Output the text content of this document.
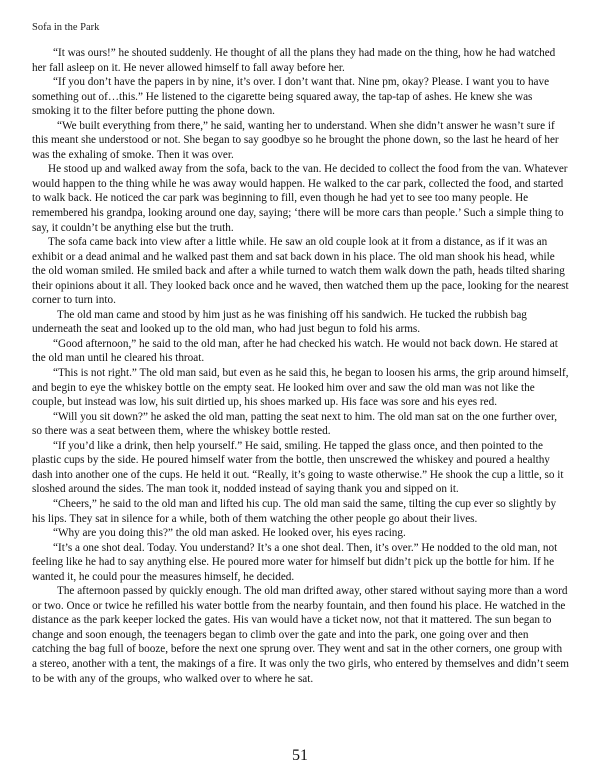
Sofa in the Park

“It was ours!” he shouted suddenly. He thought of all the plans they had made on the thing, how he had watched her fall asleep on it. He never allowed himself to fall away before her.

“If you don’t have the papers in by nine, it’s over. I don’t want that. Nine pm, okay? Please. I want you to have something out of…this.” He listened to the cigarette being squared away, the tap-tap of ashes. He knew she was smoking it to the filter before putting the phone down.

“We built everything from there,” he said, wanting her to understand. When she didn’t answer he wasn’t sure if this meant she understood or not. She began to say goodbye so he brought the phone down, so the last he heard of her was the exhaling of smoke. Then it was over.

He stood up and walked away from the sofa, back to the van. He decided to collect the food from the van. Whatever would happen to the thing while he was away would happen. He walked to the car park, collected the food, and started to walk back. He noticed the car park was beginning to fill, even though he had yet to see too many people. He remembered his grandpa, looking around one day, saying; ‘there will be more cars than people.’ Such a simple thing to say, it couldn’t be anything else but the truth.

The sofa came back into view after a little while. He saw an old couple look at it from a distance, as if it was an exhibit or a dead animal and he walked past them and sat back down in his place. The old man shook his head, while the old woman smiled. He smiled back and after a while turned to watch them walk down the path, heads tilted sharing their opinions about it all. They looked back once and he waved, then watched them up the pace, looking for the nearest corner to turn into.

The old man came and stood by him just as he was finishing off his sandwich. He tucked the rubbish bag underneath the seat and looked up to the old man, who had just begun to fold his arms.

“Good afternoon,” he said to the old man, after he had checked his watch. He would not back down. He stared at the old man until he cleared his throat.

“This is not right.” The old man said, but even as he said this, he began to loosen his arms, the grip around himself, and begin to eye the whiskey bottle on the empty seat. He looked him over and saw the old man was not like the couple, but instead was low, his suit dirtied up, his shoes marked up. His face was sore and his eyes red.

“Will you sit down?” he asked the old man, patting the seat next to him. The old man sat on the one further over, so there was a seat between them, where the whiskey bottle rested.

“If you’d like a drink, then help yourself.” He said, smiling. He tapped the glass once, and then pointed to the plastic cups by the side. He poured himself water from the bottle, then unscrewed the whiskey and poured a healthy dash into another one of the cups. He held it out. “Really, it’s going to waste otherwise.” He shook the cup a little, so it sloshed around the sides. The man took it, nodded instead of saying thank you and sipped on it.

“Cheers,” he said to the old man and lifted his cup. The old man said the same, tilting the cup ever so slightly by his lips. They sat in silence for a while, both of them watching the other people go about their lives.

“Why are you doing this?” the old man asked. He looked over, his eyes racing.

“It’s a one shot deal. Today. You understand? It’s a one shot deal. Then, it’s over.” He nodded to the old man, not feeling like he had to say anything else. He poured more water for himself but didn’t pick up the bottle for him. If he wanted it, he could pour the measures himself, he decided.

The afternoon passed by quickly enough. The old man drifted away, other stared without saying more than a word or two. Once or twice he refilled his water bottle from the nearby fountain, and then found his place. He watched in the distance as the park keeper locked the gates. His van would have a ticket now, not that it mattered. The sun began to change and soon enough, the teenagers began to climb over the gate and into the park, one going over and then catching the bag full of booze, before the next one sprung over. They went and sat in the other corners, one group with a stereo, another with a tent, the makings of a fire. It was only the two girls, who entered by themselves and didn’t seem to be with any of the groups, who walked over to where he sat.

51
